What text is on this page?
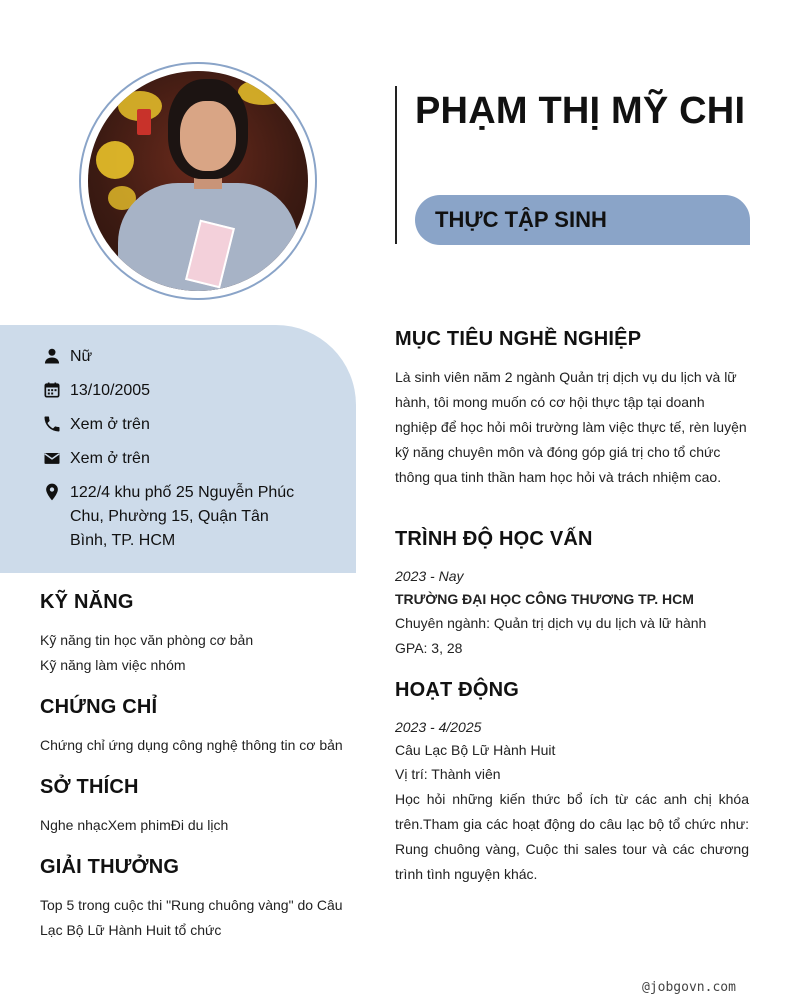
PHẠM THỊ MỸ CHI
THỰC TẬP SINH
Nữ
13/10/2005
Xem ở trên
Xem ở trên
122/4 khu phố 25 Nguyễn Phúc Chu, Phường 15, Quận Tân Bình, TP. HCM
KỸ NĂNG
Kỹ năng tin học văn phòng cơ bản
Kỹ năng làm việc nhóm
CHỨNG CHỈ
Chứng chỉ ứng dụng công nghệ thông tin cơ bản
SỞ THÍCH
Nghe nhạcXem phimĐi du lịch
GIẢI THƯỞNG
Top 5 trong cuộc thi "Rung chuông vàng" do Câu Lạc Bộ Lữ Hành Huit tổ chức
MỤC TIÊU NGHỀ NGHIỆP
Là sinh viên năm 2 ngành Quản trị dịch vụ du lịch và lữ hành, tôi mong muốn có cơ hội thực tập tại doanh nghiệp để học hỏi môi trường làm việc thực tế, rèn luyện kỹ năng chuyên môn và đóng góp giá trị cho tổ chức thông qua tinh thần ham học hỏi và trách nhiệm cao.
TRÌNH ĐỘ HỌC VẤN
2023 - Nay
TRƯỜNG ĐẠI HỌC CÔNG THƯƠNG TP. HCM
Chuyên ngành: Quản trị dịch vụ du lịch và lữ hành
GPA: 3, 28
HOẠT ĐỘNG
2023 - 4/2025
Câu Lạc Bộ Lữ Hành Huit
Vị trí: Thành viên
Học hỏi những kiến thức bổ ích từ các anh chị khóa trên.Tham gia các hoạt động do câu lạc bộ tổ chức như: Rung chuông vàng, Cuộc thi sales tour và các chương trình tình nguyện khác.
@jobgovn.com
